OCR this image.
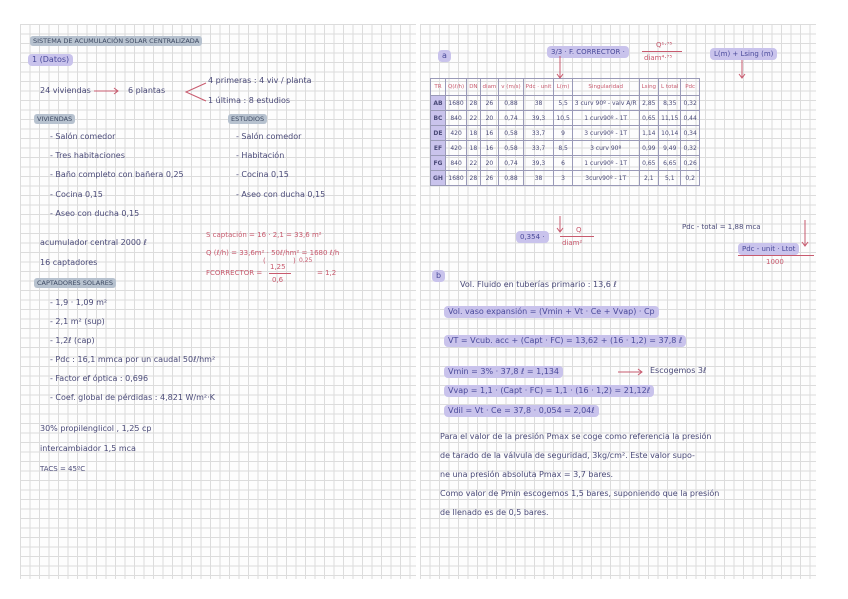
SISTEMA DE ACUMULACIÓN SOLAR CENTRALIZADA
1 (Datos)
24 viviendas	6 plantas
4 primeras : 4 viv / planta
1 última : 8 estudios
VIVIENDAS	ESTUDIOS
- Salón comedor
- Tres habitaciones
- Baño completo con bañera 0,25
- Cocina 0,15
- Aseo con ducha 0,15
- Salón comedor
- Habitación
- Cocina 0,15
- Aseo con ducha 0,15
acumulador central 2000 ℓ
16 captadores
S captación = 16 · 2,1 = 33,6 m²
Q (ℓ/h) = 33,6m² · 50ℓ/hm² = 1680 ℓ/h
FCORRECTOR =
(
1,25
0,6
) 0,25
= 1,2
CAPTADORES SOLARES
- 1,9 · 1,09 m²
- 2,1 m² (sup)
- 1,2ℓ (cap)
- Pdc : 16,1 mmca por un caudal 50ℓ/hm²
- Factor ef óptica : 0,696
- Coef. global de pérdidas : 4,821 W/m²·K
30% propilenglicol , 1,25 cp
intercambiador 1,5 mca
TACS = 45ºC
a	3/3 · F. CORRECTOR ·
Q¹·⁷⁵
diam⁴·⁷⁵	L(m) + Lsing (m)
TR	Q(ℓ/h)	DN	diam	v (m/s)	Pdc · unit	L(m)	Singularidad	Lsing	L total	Pdc
AB	1680	28	26	0,88	38	5,5	3 curv 90º - valv A/R	2,85	8,35	0,32
BC	840	22	20	0,74	39,3	10,5	1 curv90º - 1T	0,65	11,15	0,44
DE	420	18	16	0,58	33,7	9	3 curv90º - 1T	1,14	10,14	0,34
EF	420	18	16	0,58	33,7	8,5	3 curv 90º	0,99	9,49	0,32
FG	840	22	20	0,74	39,3	6	1 curv90º - 1T	0,65	6,65	0,26
GH	1680	28	26	0,88	38	3	3curv90º - 1T	2,1	5,1	0,2
0,354 ·
Q
diam²
Pdc - total = 1,88 mca
Pdc - unit · Ltot
1000
b
Vol. Fluido en tuberías primario : 13,6 ℓ
Vol. vaso expansión = (Vmin + Vt · Ce + Vvap) · Cp
VT = Vcub. acc + (Capt · FC) = 13,62 + (16 · 1,2) = 37,8 ℓ
Vmin = 3% · 37,8 ℓ = 1,134	Escogemos 3ℓ
Vvap = 1,1 · (Capt · FC) = 1,1 · (16 · 1,2) = 21,12ℓ
Vdil = Vt · Ce = 37,8 · 0,054 = 2,04ℓ
Para el valor de la presión Pmax se coge como referencia la presión
de tarado de la válvula de seguridad, 3kg/cm². Este valor supo-
ne una presión absoluta Pmax = 3,7 bares.
Como valor de Pmin escogemos 1,5 bares, suponiendo que la presión
de llenado es de 0,5 bares.
